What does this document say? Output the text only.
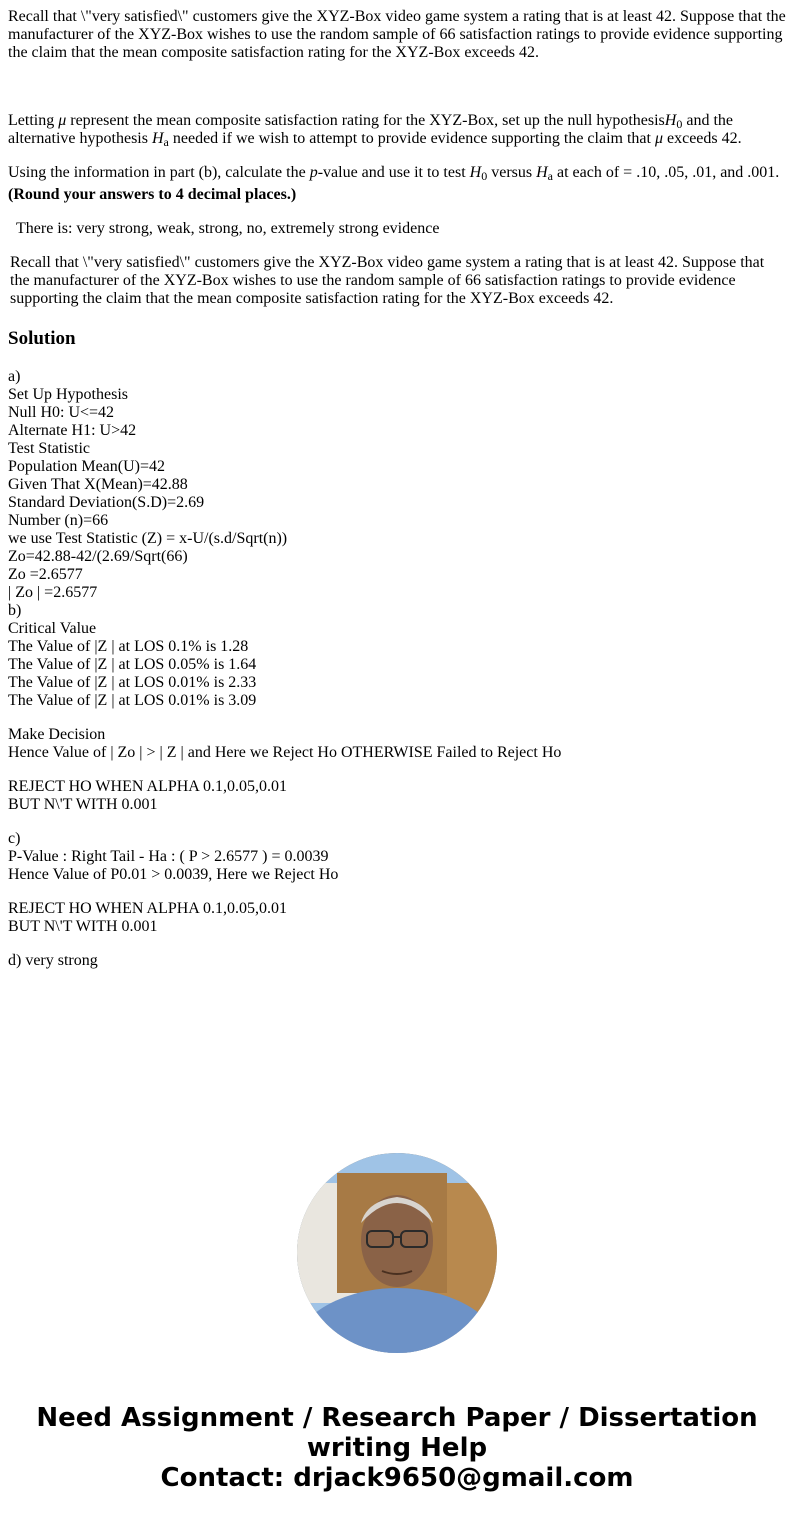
Recall that \"very satisfied\" customers give the XYZ-Box video game system a rating that is at least 42. Suppose that the manufacturer of the XYZ-Box wishes to use the random sample of 66 satisfaction ratings to provide evidence supporting the claim that the mean composite satisfaction rating for the XYZ-Box exceeds 42.

Letting μ represent the mean composite satisfaction rating for the XYZ-Box, set up the null hypothesisH$_0$ and the alternative hypothesis $H_a$ needed if we wish to attempt to provide evidence supporting the claim that μ exceeds 42.

Using the information in part (b), calculate the p-value and use it to test $H_0$ versus $H_a$ at each of = .10, .05, .01, and .001.
(Round your answers to 4 decimal places.)

There is: very strong, weak, strong, no, extremely strong evidence

Recall that \"very satisfied\" customers give the XYZ-Box video game system a rating that is at least 42. Suppose that the manufacturer of the XYZ-Box wishes to use the random sample of 66 satisfaction ratings to provide evidence supporting the claim that the mean composite satisfaction rating for the XYZ-Box exceeds 42.

Solution
a)
Set Up Hypothesis
Null H0: U<=42
Alternate H1: U>42
Test Statistic
Population Mean(U)=42
Given That X(Mean)=42.88
Standard Deviation(S.D)=2.69
Number (n)=66
we use Test Statistic (Z) = x-U/(s.d/Sqrt(n))
Zo=42.88-42/(2.69/Sqrt(66)
Zo =2.6577
| Zo | =2.6577
b)
Critical Value
The Value of |Z | at LOS 0.1% is 1.28
The Value of |Z | at LOS 0.05% is 1.64
The Value of |Z | at LOS 0.01% is 2.33
The Value of |Z | at LOS 0.01% is 3.09
Make Decision
Hence Value of | Zo | > | Z | and Here we Reject Ho OTHERWISE Failed to Reject Ho
REJECT HO WHEN ALPHA 0.1,0.05,0.01
BUT N\'T WITH 0.001
c)
P-Value : Right Tail - Ha : ( P > 2.6577 ) = 0.0039
Hence Value of P0.01 > 0.0039, Here we Reject Ho
REJECT HO WHEN ALPHA 0.1,0.05,0.01
BUT N\'T WITH 0.001
d) very strong
Need Assignment / Research Paper / Dissertation
writing Help
Contact: drjack9650@gmail.com
